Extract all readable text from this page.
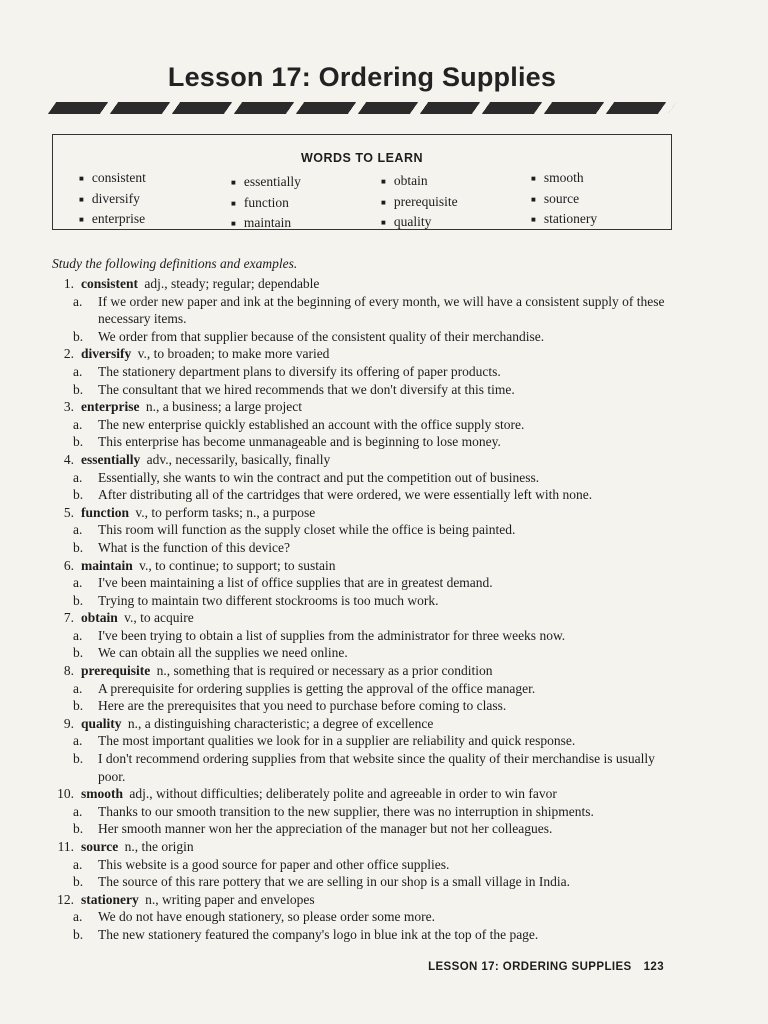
Lesson 17: Ordering Supplies
WORDS TO LEARN
■ consistent
■ diversify
■ enterprise
■ essentially
■ function
■ maintain
■ obtain
■ prerequisite
■ quality
■ smooth
■ source
■ stationery
Study the following definitions and examples.
1 . consistent adj., steady; regular; dependable
a .	If we order new paper and ink at the beginning of every month, we will have a consistent supply of these necessary items.
b .	We order from that supplier because of the consistent quality of their merchandise.
2 . diversify v., to broaden; to make more varied
a .	The stationery department plans to diversify its offering of paper products.
b .	The consultant that we hired recommends that we don't diversify at this time.
3 . enterprise n., a business; a large project
a .	The new enterprise quickly established an account with the office supply store.
b .	This enterprise has become unmanageable and is beginning to lose money.
4 . essentially adv., necessarily, basically, finally
a .	Essentially, she wants to win the contract and put the competition out of business.
b .	After distributing all of the cartridges that were ordered, we were essentially left with none.
5 . function v., to perform tasks; n., a purpose
a .	This room will function as the supply closet while the office is being painted.
b .	What is the function of this device?
6 . maintain v., to continue; to support; to sustain
a .	I've been maintaining a list of office supplies that are in greatest demand.
b .	Trying to maintain two different stockrooms is too much work.
7 . obtain v., to acquire
a .	I've been trying to obtain a list of supplies from the administrator for three weeks now.
b .	We can obtain all the supplies we need online.
8 . prerequisite n., something that is required or necessary as a prior condition
a .	A prerequisite for ordering supplies is getting the approval of the office manager.
b .	Here are the prerequisites that you need to purchase before coming to class.
9 . quality n., a distinguishing characteristic; a degree of excellence
a .	The most important qualities we look for in a supplier are reliability and quick response.
b .	I don't recommend ordering supplies from that website since the quality of their merchandise is usually poor.
10 . smooth adj., without difficulties; deliberately polite and agreeable in order to win favor
a .	Thanks to our smooth transition to the new supplier, there was no interruption in shipments.
b .	Her smooth manner won her the appreciation of the manager but not her colleagues.
11 . source n., the origin
a .	This website is a good source for paper and other office supplies.
b .	The source of this rare pottery that we are selling in our shop is a small village in India.
12 . stationery n., writing paper and envelopes
a .	We do not have enough stationery, so please order some more.
b .	The new stationery featured the company's logo in blue ink at the top of the page.
LESSON 17: ORDERING SUPPLIES 123
